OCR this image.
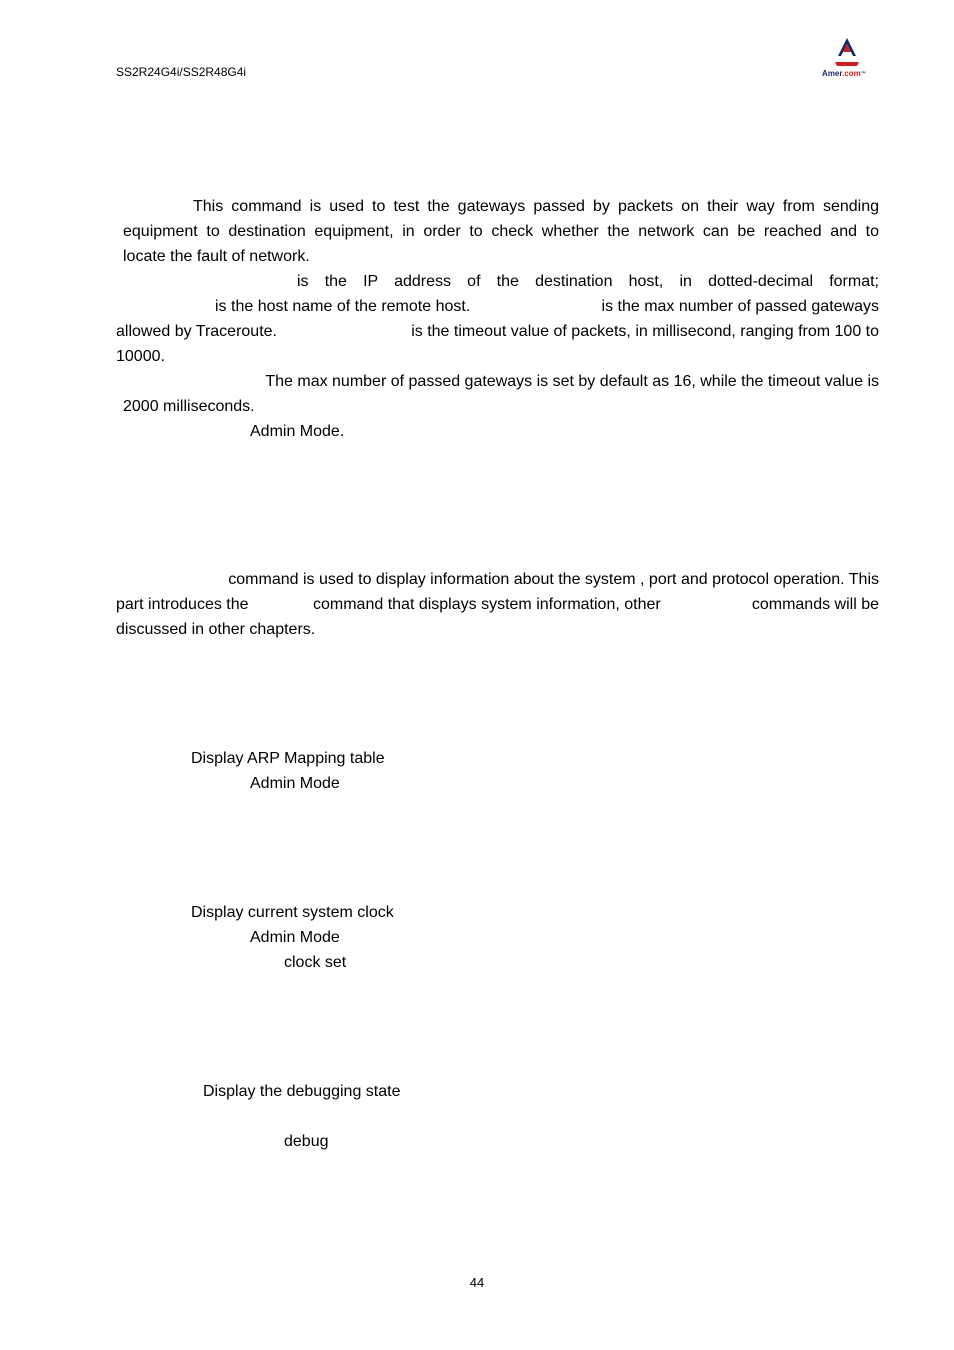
SS2R24G4i/SS2R48G4i	Amer.com™
This command is used to test the gateways passed by packets on their way from sending
equipment to destination equipment, in order to check whether the network can be reached and to
locate the fault of network.
is the IP address of the destination host, in dotted-decimal format;
is the host name of the remote host.	is the max number of passed gateways
allowed by Traceroute.	is the timeout value of packets, in millisecond, ranging from 100 to
10000.
The max number of passed gateways is set by default as 16, while the timeout value is
2000 milliseconds.
Admin Mode.
command is used to display information about the system , port and protocol operation. This
part introduces the	command that displays system information, other	commands will be
discussed in other chapters.
Display ARP Mapping table
Admin Mode
Display current system clock
Admin Mode
clock set
Display the debugging state
debug
44
